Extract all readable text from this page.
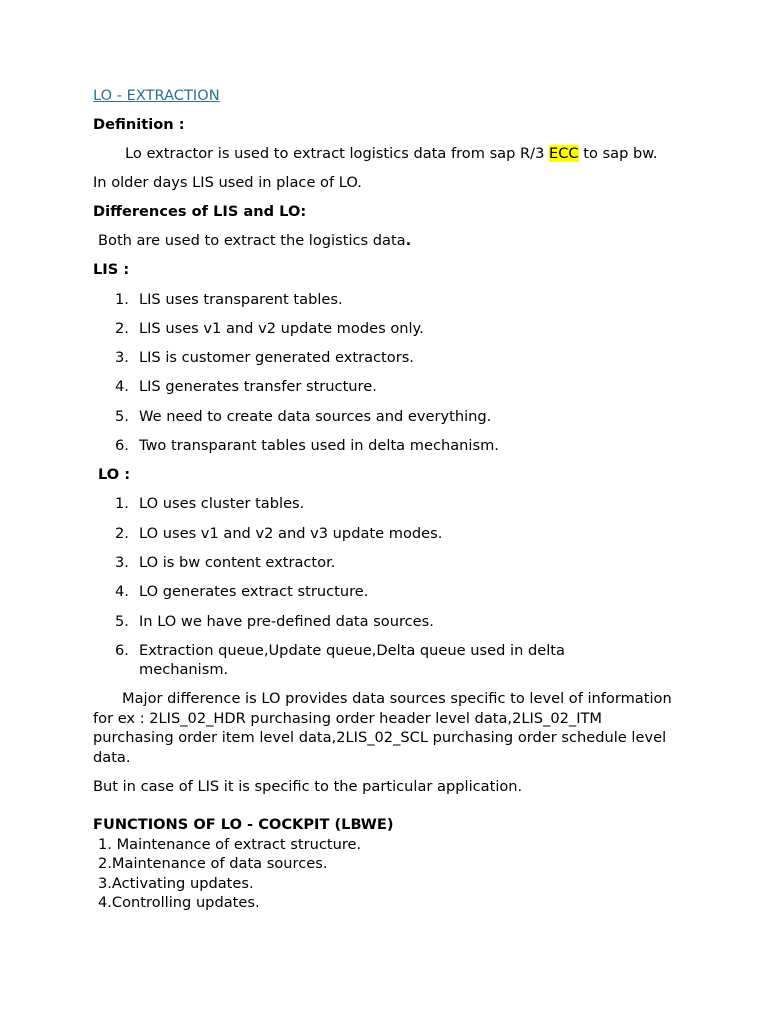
LO - EXTRACTION
Definition :
Lo extractor is used to extract logistics data from sap R/3 ECC to sap bw.
In older days LIS used in place of LO.
Differences of LIS and LO:
Both are used to extract the logistics data.
LIS :
1. LIS uses transparent tables.
2. LIS uses v1 and v2 update modes only.
3. LIS is customer generated extractors.
4. LIS generates transfer structure.
5. We need to create data sources and everything.
6. Two transparant tables used in delta mechanism.
LO :
1. LO uses cluster tables.
2. LO uses v1 and v2 and v3 update modes.
3. LO is bw content extractor.
4. LO generates extract structure.
5. In LO we have pre-defined data sources.
6. Extraction queue,Update queue,Delta queue used in delta mechanism.
Major difference is LO provides data sources specific to level of information for ex : 2LIS_02_HDR purchasing order header level data,2LIS_02_ITM purchasing order item level data,2LIS_02_SCL purchasing order schedule level data.
But in case of LIS it is specific to the particular application.
FUNCTIONS OF LO - COCKPIT (LBWE)
1. Maintenance of extract structure.
2.Maintenance of data sources.
3.Activating updates.
4.Controlling updates.
